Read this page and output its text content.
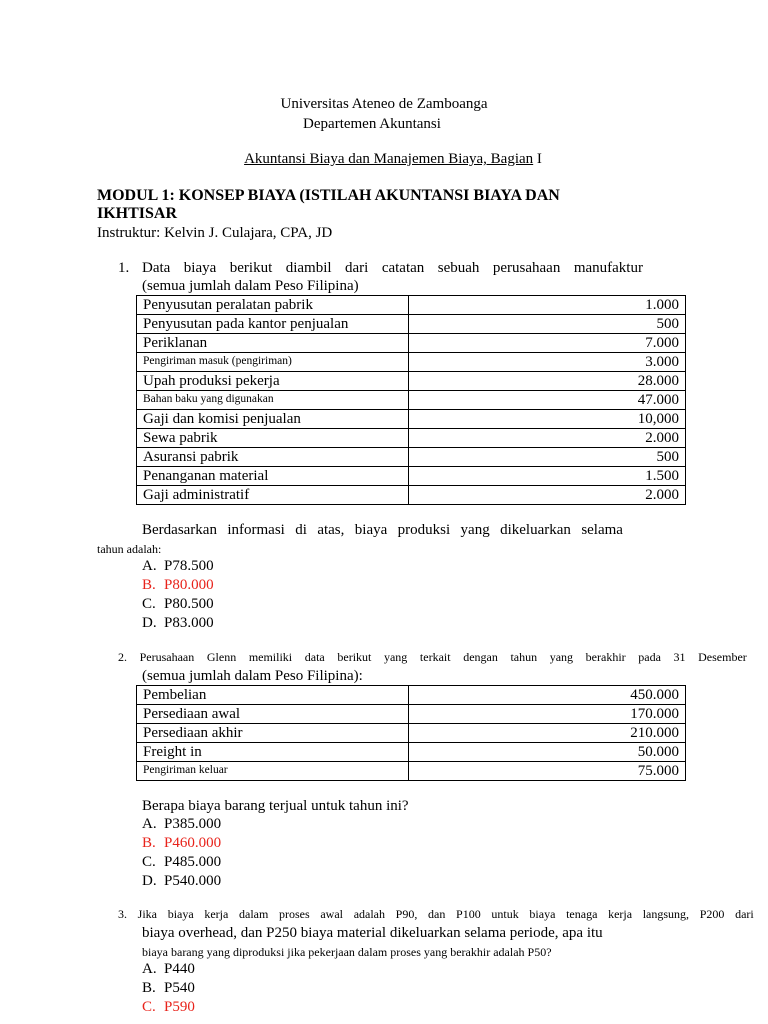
Universitas Ateneo de Zamboanga
Departemen Akuntansi
Akuntansi Biaya dan Manajemen Biaya, Bagian I
MODUL 1: KONSEP BIAYA (ISTILAH AKUNTANSI BIAYA DAN
IKHTISAR
Instruktur: Kelvin J. Culajara, CPA, JD
1. Data biaya berikut diambil dari catatan sebuah perusahaan manufaktur
(semua jumlah dalam Peso Filipina)
Penyusutan peralatan pabrik	1.000
Penyusutan pada kantor penjualan	500
Periklanan	7.000
Pengiriman masuk (pengiriman)	3.000
Upah produksi pekerja	28.000
Bahan baku yang digunakan	47.000
Gaji dan komisi penjualan	10,000
Sewa pabrik	2.000
Asuransi pabrik	500
Penanganan material	1.500
Gaji administratif	2.000
Berdasarkan informasi di atas, biaya produksi yang dikeluarkan selama
tahun adalah:
2. Perusahaan Glenn memiliki data berikut yang terkait dengan tahun yang berakhir pada 31 Desember
(semua jumlah dalam Peso Filipina):
Pembelian	450.000
Persediaan awal	170.000
Persediaan akhir	210.000
Freight in	50.000
Pengiriman keluar	75.000
Berapa biaya barang terjual untuk tahun ini?
3. Jika biaya kerja dalam proses awal adalah P90, dan P100 untuk biaya tenaga kerja langsung, P200 dari
biaya overhead, dan P250 biaya material dikeluarkan selama periode, apa itu
biaya barang yang diproduksi jika pekerjaan dalam proses yang berakhir adalah P50?
A. P78.500
B. P80.000
C. P80.500
D. P83.000
A. P385.000
B. P460.000
C. P485.000
D. P540.000
A. P440
B. P540
C. P590
